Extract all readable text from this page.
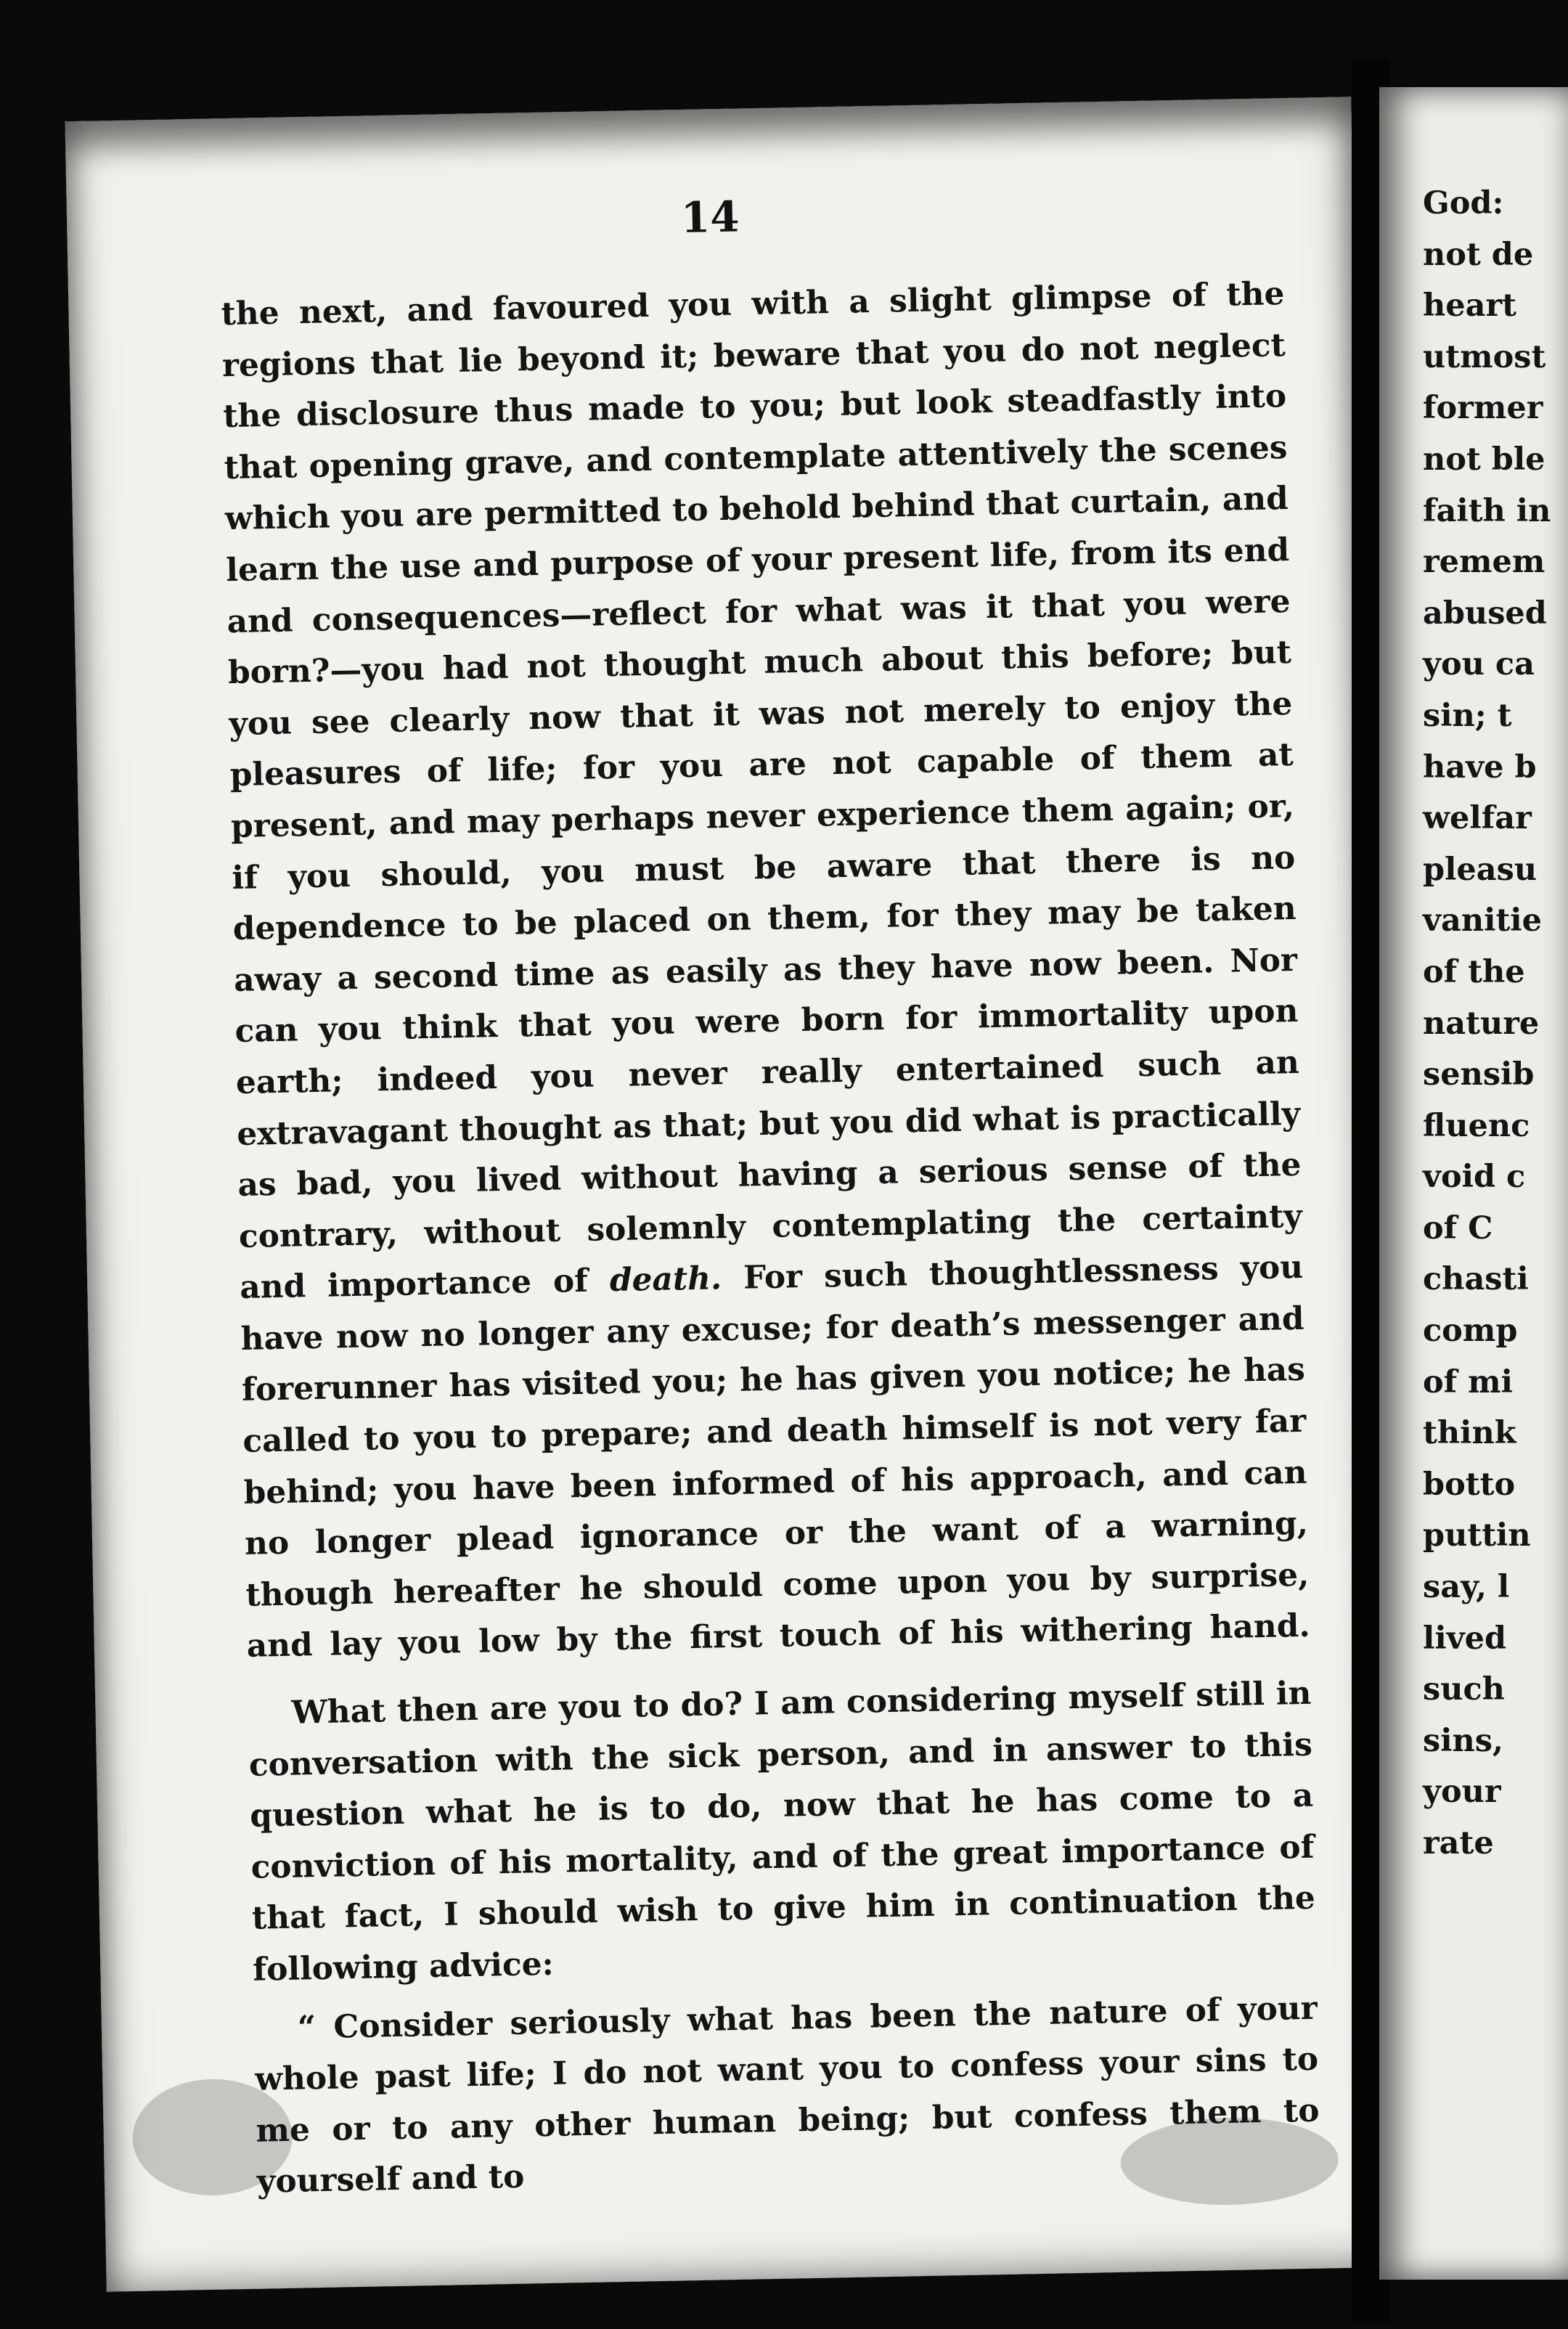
14

the next, and favoured you with a slight glimpse of the regions that lie beyond it; beware that you do not neglect the disclosure thus made to you; but look steadfastly into that opening grave, and contemplate attentively the scenes which you are permitted to behold behind that curtain, and learn the use and purpose of your present life, from its end and consequences—reflect for what was it that you were born?—you had not thought much about this before; but you see clearly now that it was not merely to enjoy the pleasures of life; for you are not capable of them at present, and may perhaps never experience them again; or, if you should, you must be aware that there is no dependence to be placed on them, for they may be taken away a second time as easily as they have now been. Nor can you think that you were born for immortality upon earth; indeed you never really entertained such an extravagant thought as that; but you did what is practically as bad, you lived without having a serious sense of the contrary, without solemnly contemplating the certainty and importance of death. For such thoughtlessness you have now no longer any excuse; for death’s messenger and forerunner has visited you; he has given you notice; he has called to you to prepare; and death himself is not very far behind; you have been informed of his approach, and can no longer plead ignorance or the want of a warning, though hereafter he should come upon you by surprise, and lay you low by the first touch of his withering hand.

What then are you to do? I am considering myself still in conversation with the sick person, and in answer to this question what he is to do, now that he has come to a conviction of his mortality, and of the great importance of that fact, I should wish to give him in continuation the following advice:

“ Consider seriously what has been the nature of your whole past life; I do not want you to confess your sins to me or to any other human being; but confess them to yourself and to

God:
not de
heart
utmost
former
not ble
faith in
remem
abused
you ca
sin; t
have b
welfar
pleasu
vanitie
of the
nature
sensib
fluenc
void c
of C
chasti
comp
of mi
think
botto
puttin
say, l
lived
such
sins,
your
rate
